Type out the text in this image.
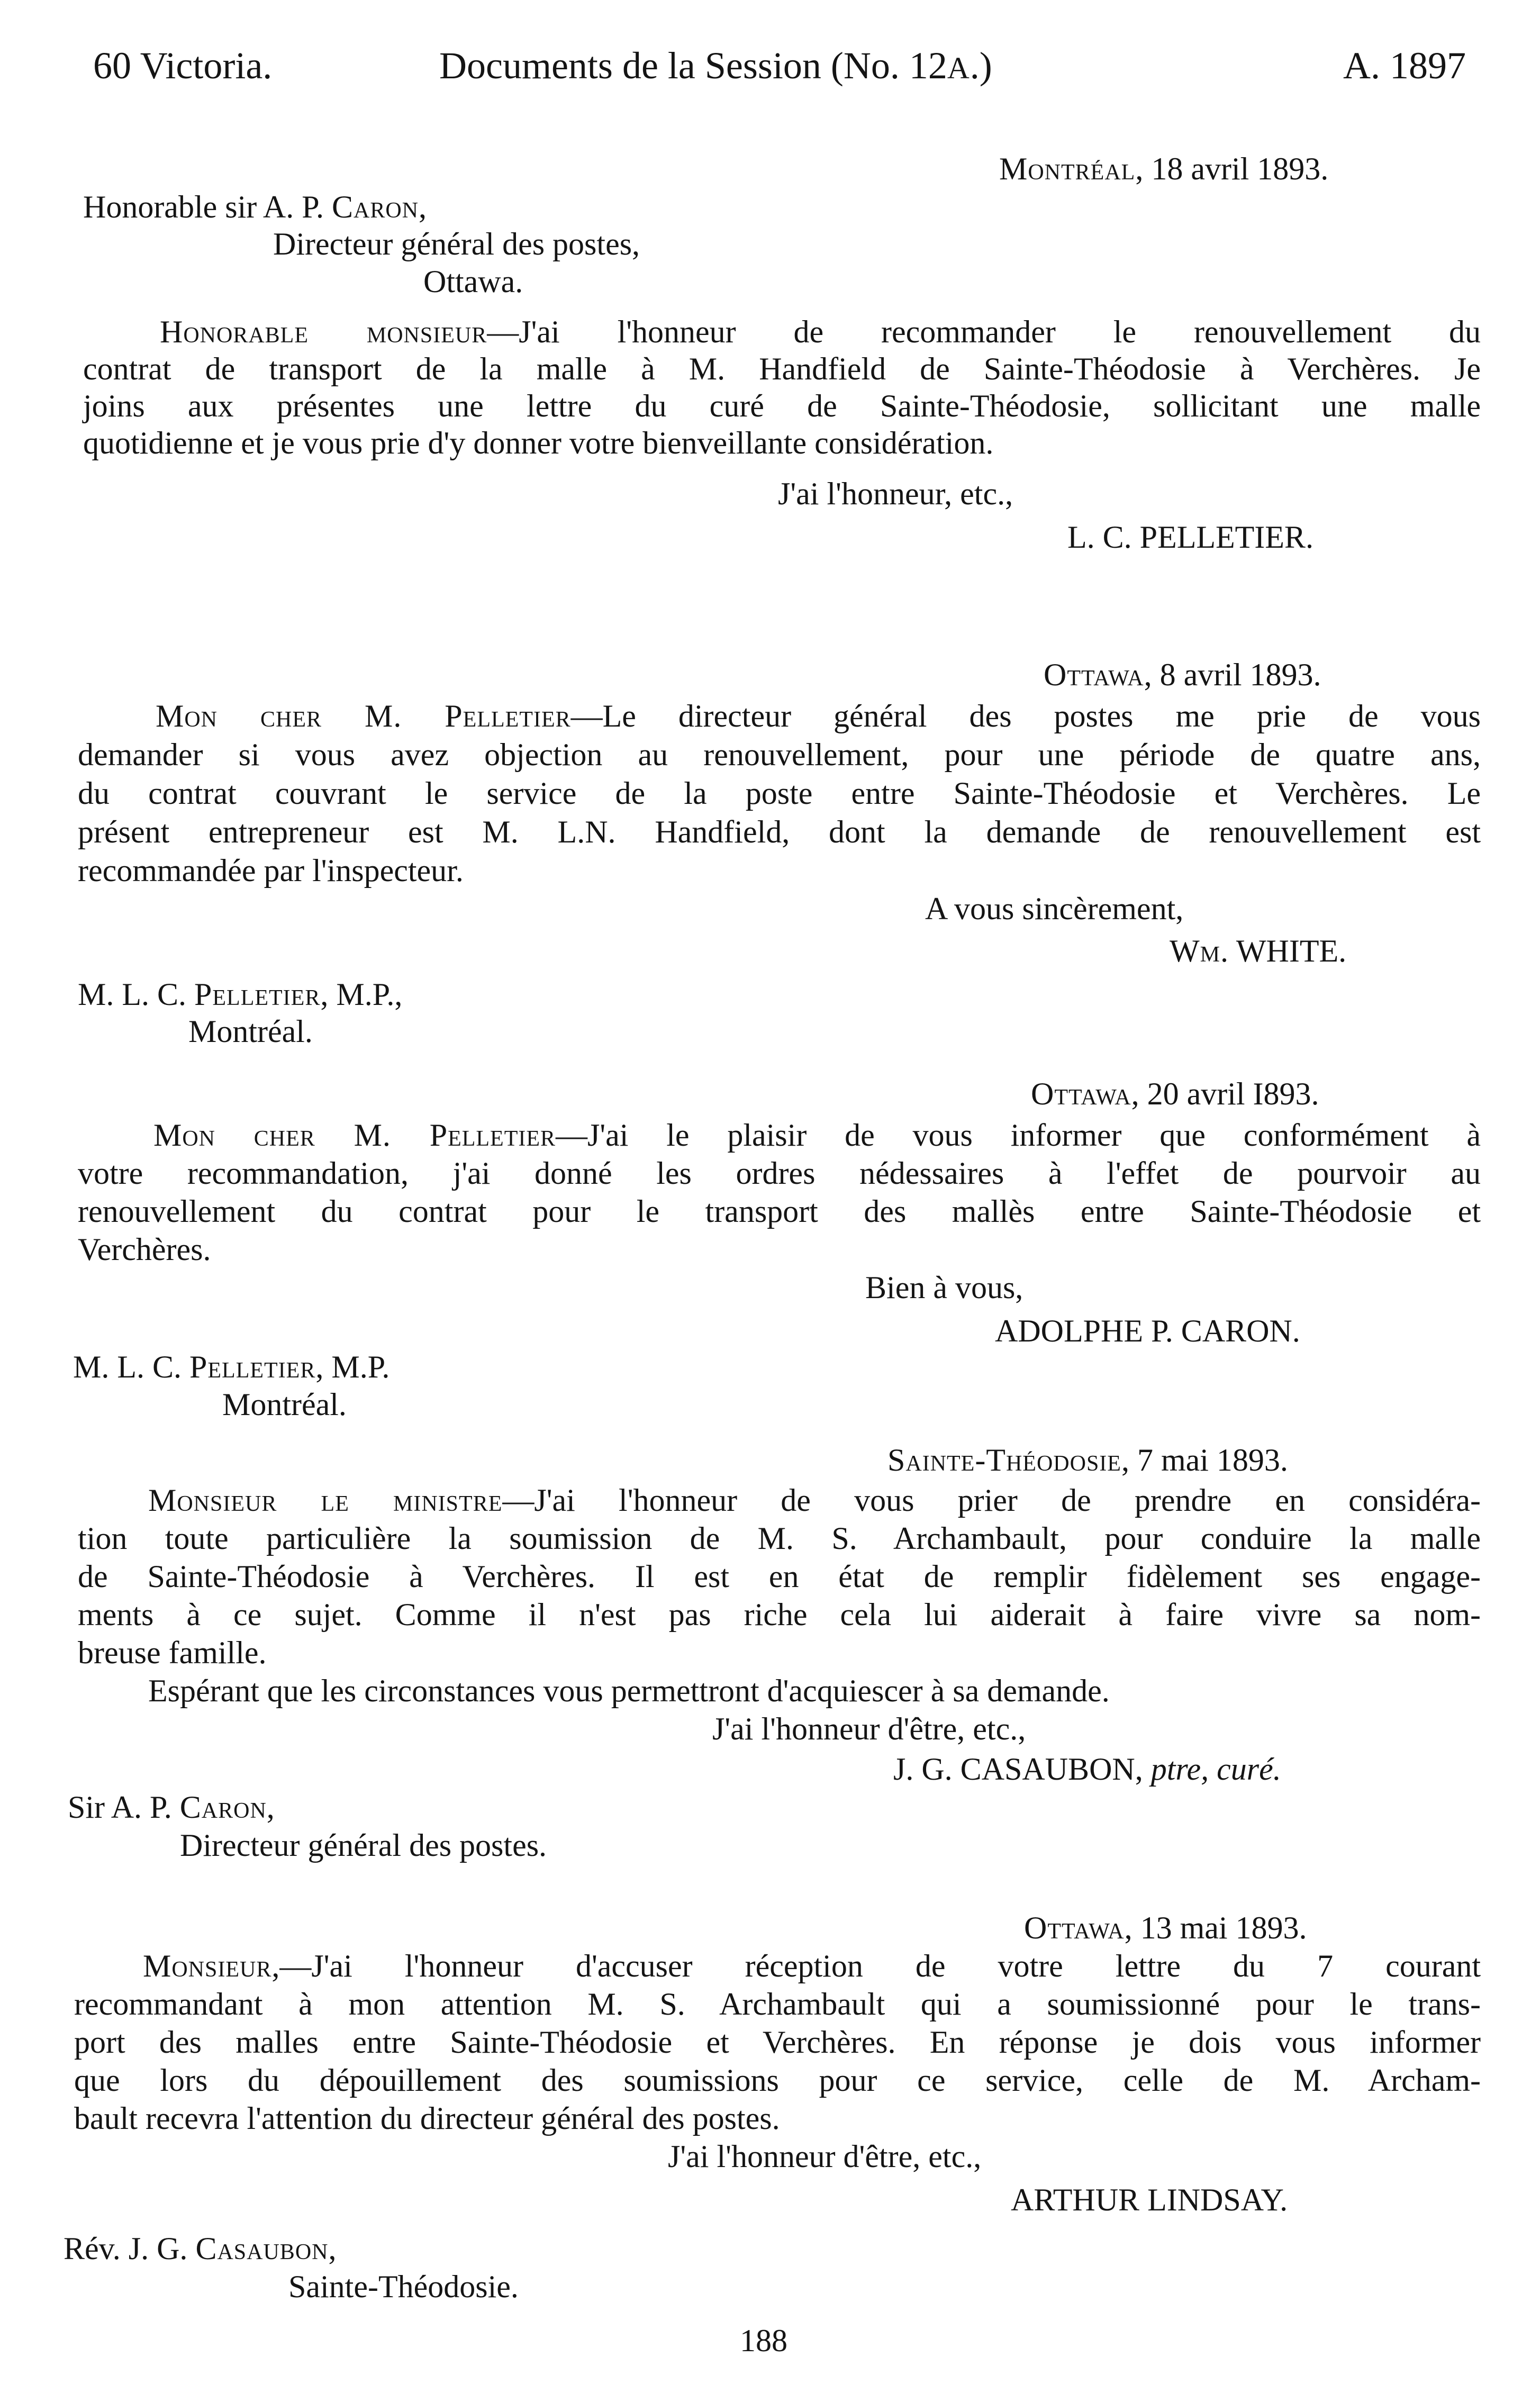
60 Victoria.	Documents de la Session (No. 12A.)	A. 1897
Montréal, 18 avril 1893.
Honorable sir A. P. Caron,
Directeur général des postes,
Ottawa.
Honorable monsieur—J'ai l'honneur de recommander le renouvellement du
contrat de transport de la malle à M. Handfield de Sainte-Théodosie à Verchères. Je
joins aux présentes une lettre du curé de Sainte-Théodosie, sollicitant une malle
quotidienne et je vous prie d'y donner votre bienveillante considération.
J'ai l'honneur, etc.,
L. C. PELLETIER.
Ottawa, 8 avril 1893.
Mon cher M. Pelletier—Le directeur général des postes me prie de vous
demander si vous avez objection au renouvellement, pour une période de quatre ans,
du contrat couvrant le service de la poste entre Sainte-Théodosie et Verchères. Le
présent entrepreneur est M. L.N. Handfield, dont la demande de renouvellement est
recommandée par l'inspecteur.
A vous sincèrement,
Wm. WHITE.
M. L. C. Pelletier, M.P.,
Montréal.
Ottawa, 20 avril I893.
Mon cher M. Pelletier—J'ai le plaisir de vous informer que conformément à
votre recommandation, j'ai donné les ordres nédessaires à l'effet de pourvoir au
renouvellement du contrat pour le transport des mallès entre Sainte-Théodosie et
Verchères.
Bien à vous,
ADOLPHE P. CARON.
M. L. C. Pelletier, M.P.
Montréal.
Sainte-Théodosie, 7 mai 1893.
Monsieur le ministre—J'ai l'honneur de vous prier de prendre en considéra-
tion toute particulière la soumission de M. S. Archambault, pour conduire la malle
de Sainte-Théodosie à Verchères. Il est en état de remplir fidèlement ses engage-
ments à ce sujet. Comme il n'est pas riche cela lui aiderait à faire vivre sa nom-
breuse famille.
Espérant que les circonstances vous permettront d'acquiescer à sa demande.
J'ai l'honneur d'être, etc.,
J. G. CASAUBON, ptre, curé.
Sir A. P. Caron,
Directeur général des postes.
Ottawa, 13 mai 1893.
Monsieur,—J'ai l'honneur d'accuser réception de votre lettre du 7 courant
recommandant à mon attention M. S. Archambault qui a soumissionné pour le trans-
port des malles entre Sainte-Théodosie et Verchères. En réponse je dois vous informer
que lors du dépouillement des soumissions pour ce service, celle de M. Archam-
bault recevra l'attention du directeur général des postes.
J'ai l'honneur d'être, etc.,
ARTHUR LINDSAY.
Rév. J. G. Casaubon,
Sainte-Théodosie.
188
